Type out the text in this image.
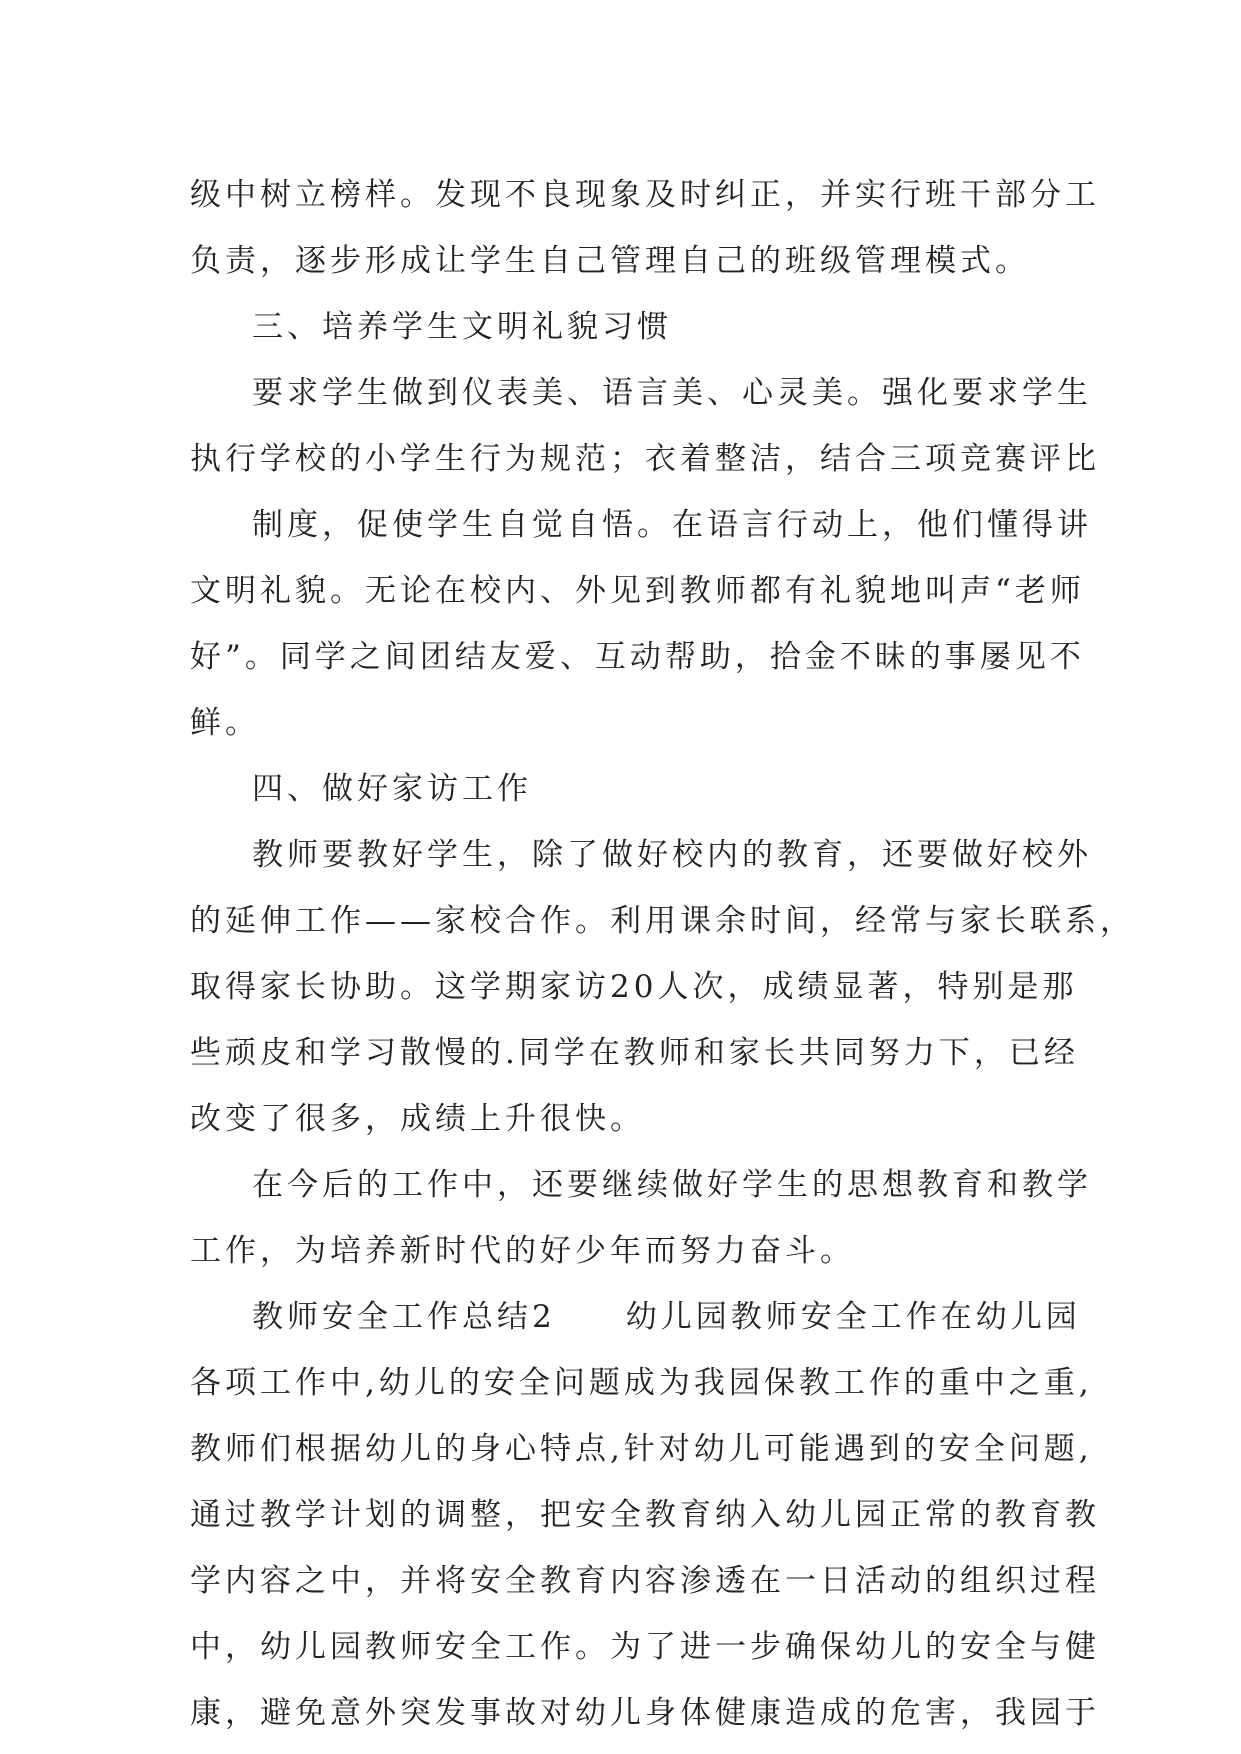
级中树立榜样。发现不良现象及时纠正，并实行班干部分工
负责，逐步形成让学生自己管理自己的班级管理模式。
三、培养学生文明礼貌习惯
要求学生做到仪表美、语言美、心灵美。强化要求学生
执行学校的小学生行为规范；衣着整洁，结合三项竞赛评比
制度，促使学生自觉自悟。在语言行动上，他们懂得讲
文明礼貌。无论在校内、外见到教师都有礼貌地叫声“老师
好”。同学之间团结友爱、互动帮助，拾金不昧的事屡见不
鲜。
四、做好家访工作
教师要教好学生，除了做好校内的教育，还要做好校外
的延伸工作——家校合作。利用课余时间，经常与家长联系，
取得家长协助。这学期家访20人次，成绩显著，特别是那
些顽皮和学习散慢的.同学在教师和家长共同努力下，已经
改变了很多，成绩上升很快。
在今后的工作中，还要继续做好学生的思想教育和教学
工作，为培养新时代的好少年而努力奋斗。
教师安全工作总结2　　幼儿园教师安全工作在幼儿园
各项工作中,幼儿的安全问题成为我园保教工作的重中之重,
教师们根据幼儿的身心特点,针对幼儿可能遇到的安全问题,
通过教学计划的调整，把安全教育纳入幼儿园正常的教育教
学内容之中，并将安全教育内容渗透在一日活动的组织过程
中，幼儿园教师安全工作。为了进一步确保幼儿的安全与健
康，避免意外突发事故对幼儿身体健康造成的危害，我园于
